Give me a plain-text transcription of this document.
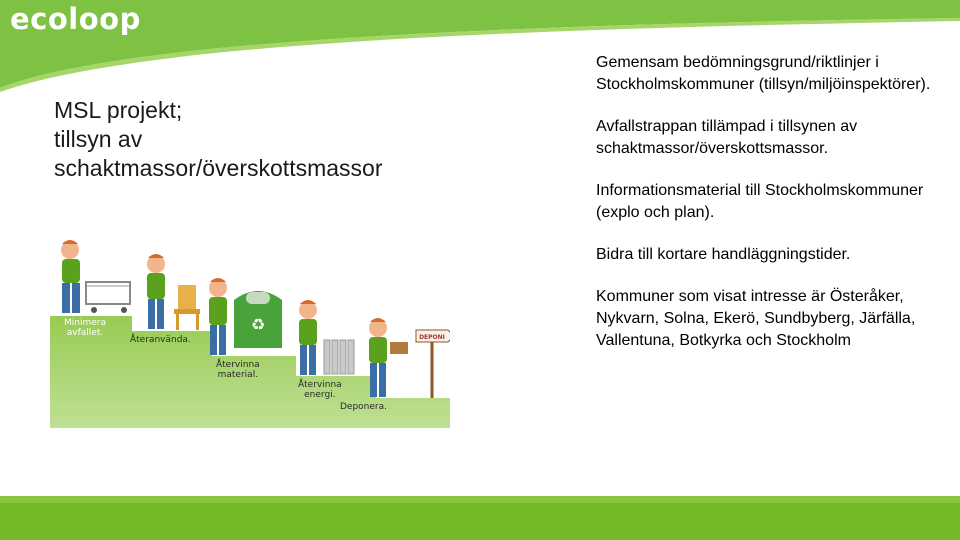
ecoloop
MSL projekt;
tillsyn av
schaktmassor/överskottsmassor
♻
DEPONI
Minimera
avfallet.
Återanvända.
Återvinna
material.
Återvinna
energi.
Deponera.
Gemensam bedömningsgrund/riktlinjer i Stockholmskommuner (tillsyn/miljöinspektörer).
Avfallstrappan tillämpad i tillsynen av schaktmassor/överskottsmassor.
Informationsmaterial till Stockholmskommuner (explo och plan).
Bidra till kortare handläggningstider.
Kommuner som visat intresse är Österåker, Nykvarn, Solna, Ekerö, Sundbyberg, Järfälla, Vallentuna, Botkyrka och Stockholm
